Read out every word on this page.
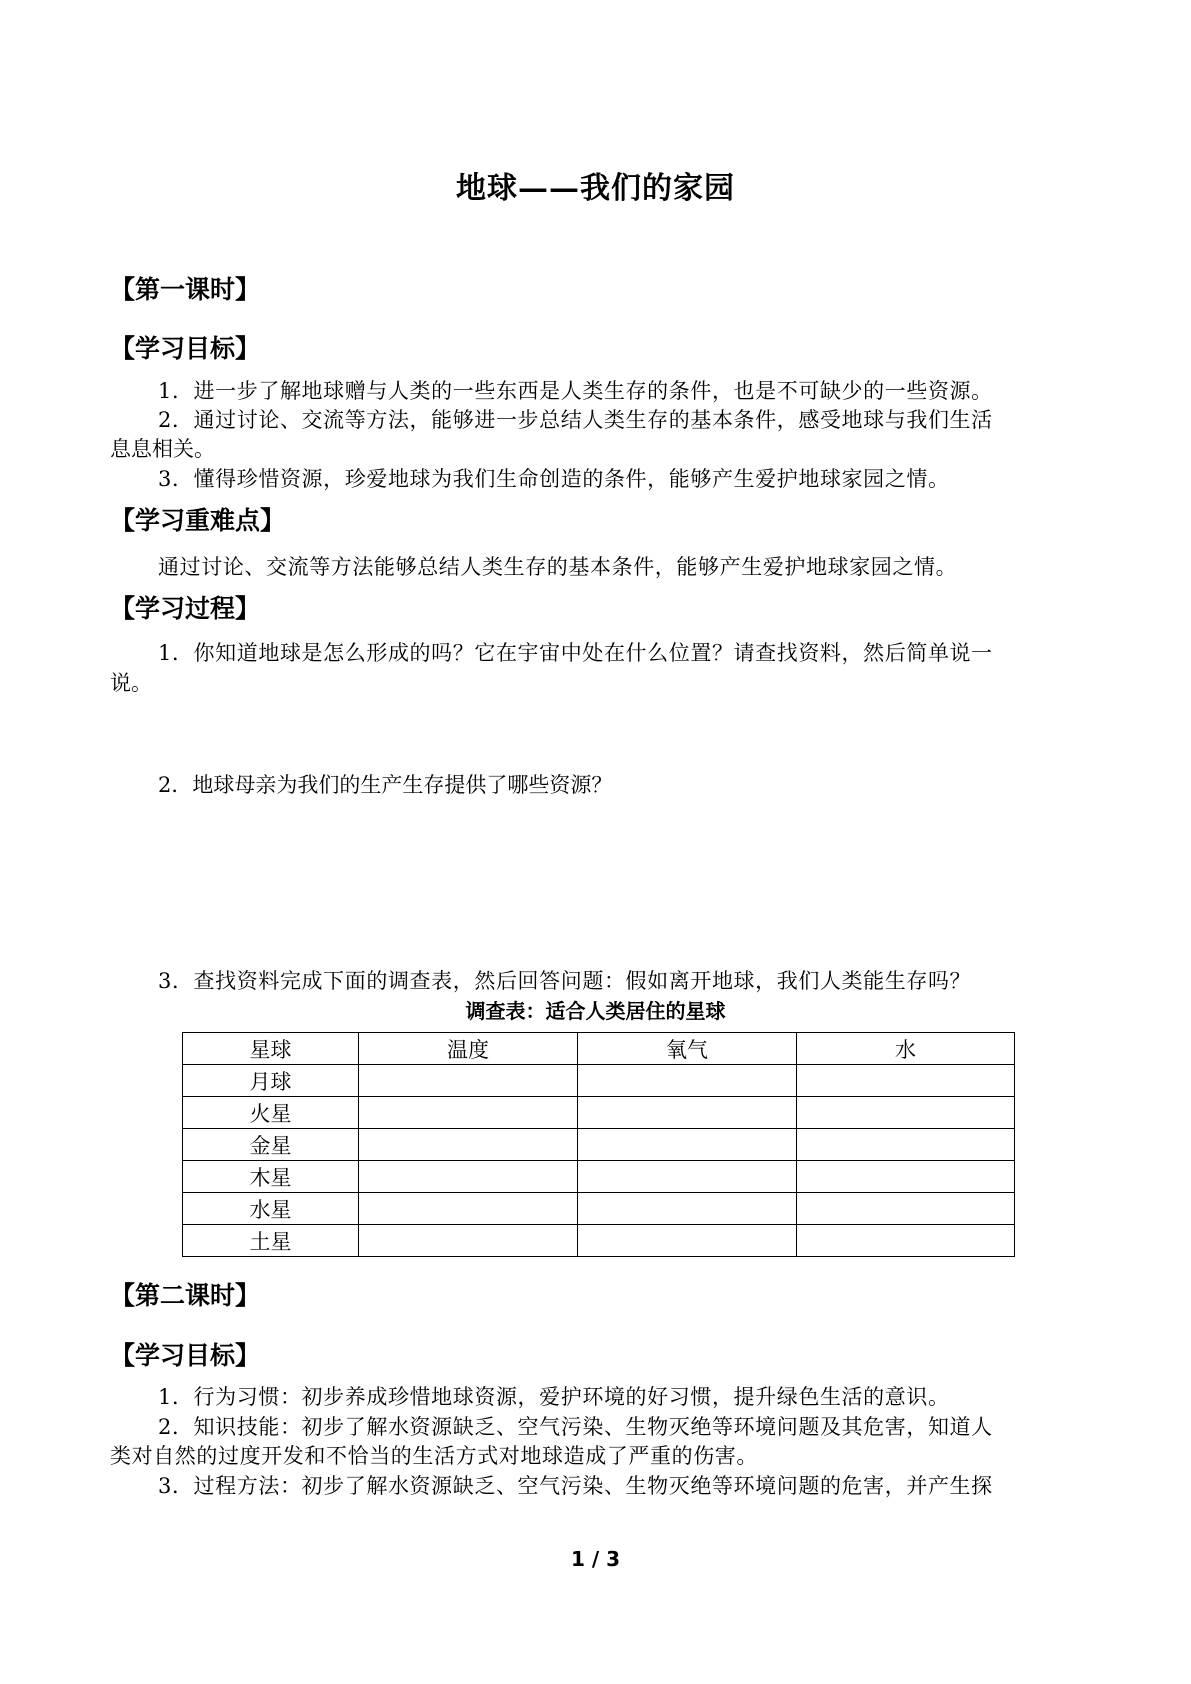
地球——我们的家园
【第一课时】
【学习目标】
1．进一步了解地球赠与人类的一些东西是人类生存的条件，也是不可缺少的一些资源。
2．通过讨论、交流等方法，能够进一步总结人类生存的基本条件，感受地球与我们生活
息息相关。
3．懂得珍惜资源，珍爱地球为我们生命创造的条件，能够产生爱护地球家园之情。
【学习重难点】
通过讨论、交流等方法能够总结人类生存的基本条件，能够产生爱护地球家园之情。
【学习过程】
1．你知道地球是怎么形成的吗？它在宇宙中处在什么位置？请查找资料，然后简单说一
说。
2．地球母亲为我们的生产生存提供了哪些资源？
3．查找资料完成下面的调查表，然后回答问题：假如离开地球，我们人类能生存吗？
调查表：适合人类居住的星球
星球	温度	氧气	水
月球			
火星			
金星			
木星			
水星			
土星			
【第二课时】
【学习目标】
1．行为习惯：初步养成珍惜地球资源，爱护环境的好习惯，提升绿色生活的意识。
2．知识技能：初步了解水资源缺乏、空气污染、生物灭绝等环境问题及其危害，知道人
类对自然的过度开发和不恰当的生活方式对地球造成了严重的伤害。
3．过程方法：初步了解水资源缺乏、空气污染、生物灭绝等环境问题的危害，并产生探
1 / 3
